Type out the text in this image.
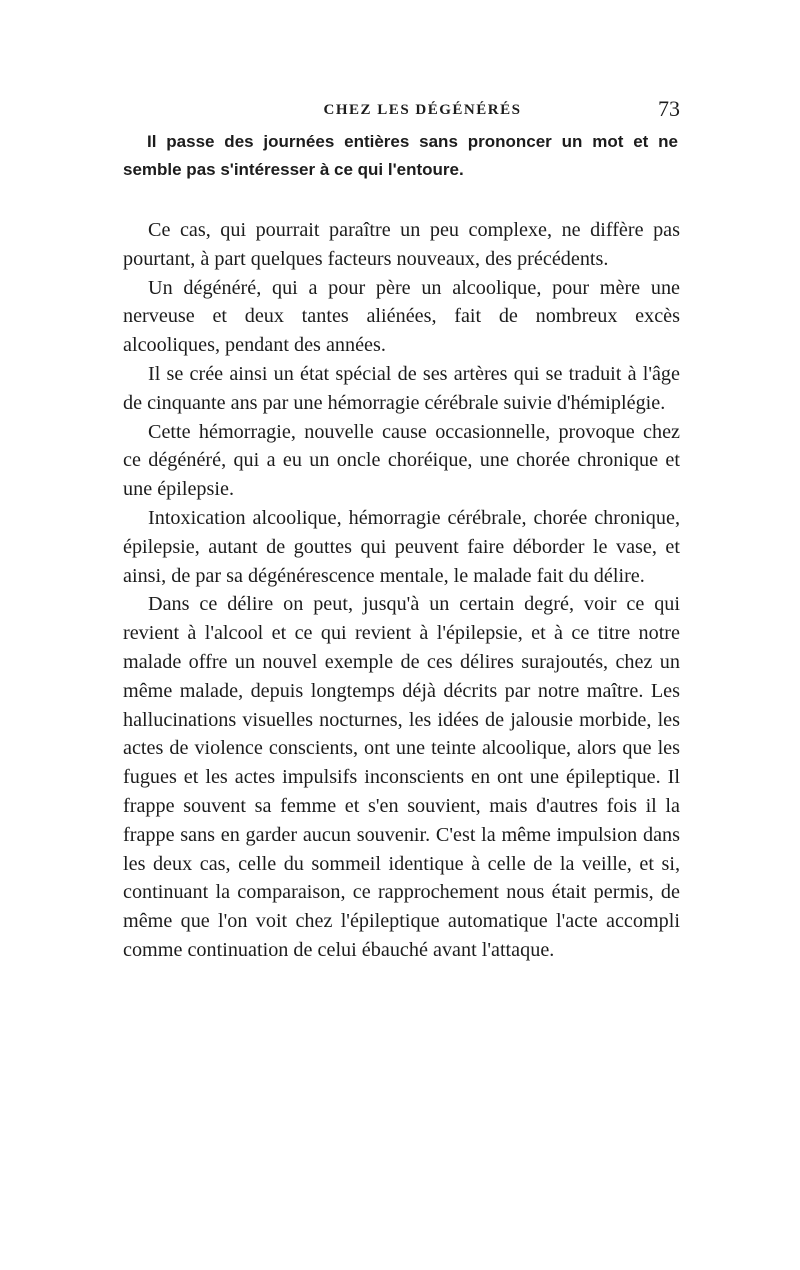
CHEZ LES DÉGÉNÉRÉS	73

Il passe des journées entières sans prononcer un mot et ne semble pas s'intéresser à ce qui l'entoure.

Ce cas, qui pourrait paraître un peu complexe, ne diffère pas pourtant, à part quelques facteurs nouveaux, des précédents.

Un dégénéré, qui a pour père un alcoolique, pour mère une nerveuse et deux tantes aliénées, fait de nombreux excès alcooliques, pendant des années.

Il se crée ainsi un état spécial de ses artères qui se traduit à l'âge de cinquante ans par une hémorragie cérébrale suivie d'hémiplégie.

Cette hémorragie, nouvelle cause occasionnelle, provoque chez ce dégénéré, qui a eu un oncle choréique, une chorée chronique et une épilepsie.

Intoxication alcoolique, hémorragie cérébrale, chorée chronique, épilepsie, autant de gouttes qui peuvent faire déborder le vase, et ainsi, de par sa dégénérescence mentale, le malade fait du délire.

Dans ce délire on peut, jusqu'à un certain degré, voir ce qui revient à l'alcool et ce qui revient à l'épilepsie, et à ce titre notre malade offre un nouvel exemple de ces délires surajoutés, chez un même malade, depuis longtemps déjà décrits par notre maître. Les hallucinations visuelles nocturnes, les idées de jalousie morbide, les actes de violence conscients, ont une teinte alcoolique, alors que les fugues et les actes impulsifs inconscients en ont une épileptique. Il frappe souvent sa femme et s'en souvient, mais d'autres fois il la frappe sans en garder aucun souvenir. C'est la même impulsion dans les deux cas, celle du sommeil identique à celle de la veille, et si, continuant la comparaison, ce rapprochement nous était permis, de même que l'on voit chez l'épileptique automatique l'acte accompli comme continuation de celui ébauché avant l'attaque.
